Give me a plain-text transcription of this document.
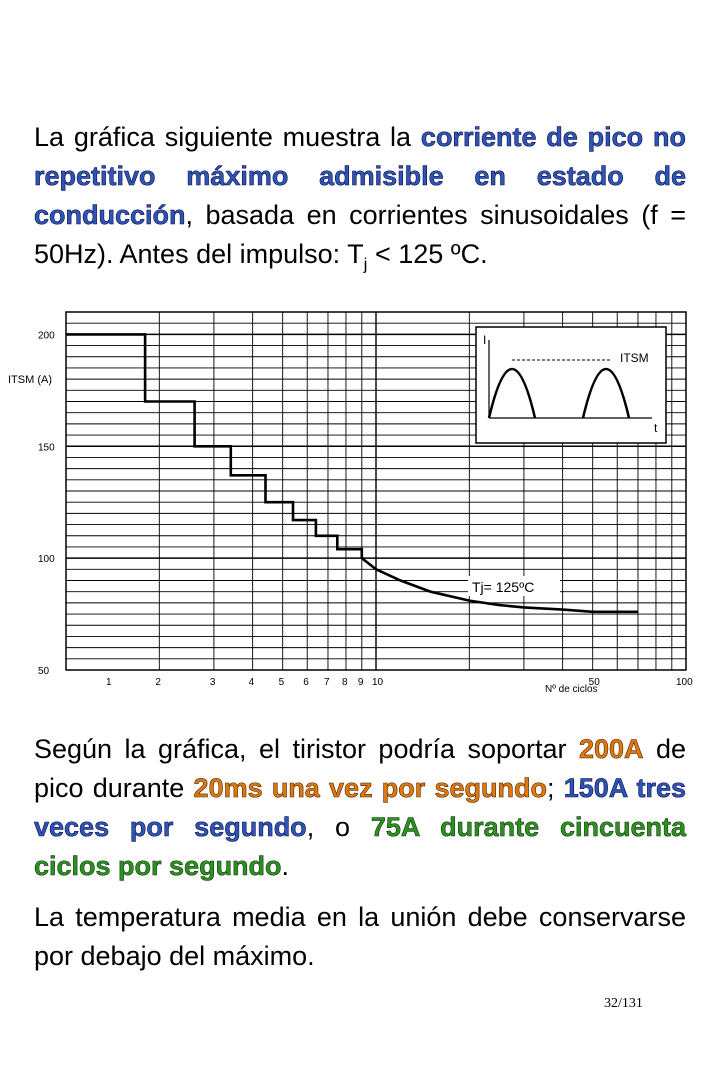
La gráfica siguiente muestra la corriente de pico no repetitivo máximo admisible en estado de conducción, basada en corrientes sinusoidales (f = 50Hz). Antes del impulso: $T_j < 125$ ºC.

200
150
100
50
1	2	3	4 5 6 7 8 9 10	50	100
I
t
ITSM
Tj= 125ºC
Nº de ciclos
ITSM (A)

Según la gráfica, el tiristor podría soportar 200A de pico durante 20ms una vez por segundo; 150A tres veces por segundo, o 75A durante cincuenta ciclos por segundo.

La temperatura media en la unión debe conservarse por debajo del máximo.

32/131
